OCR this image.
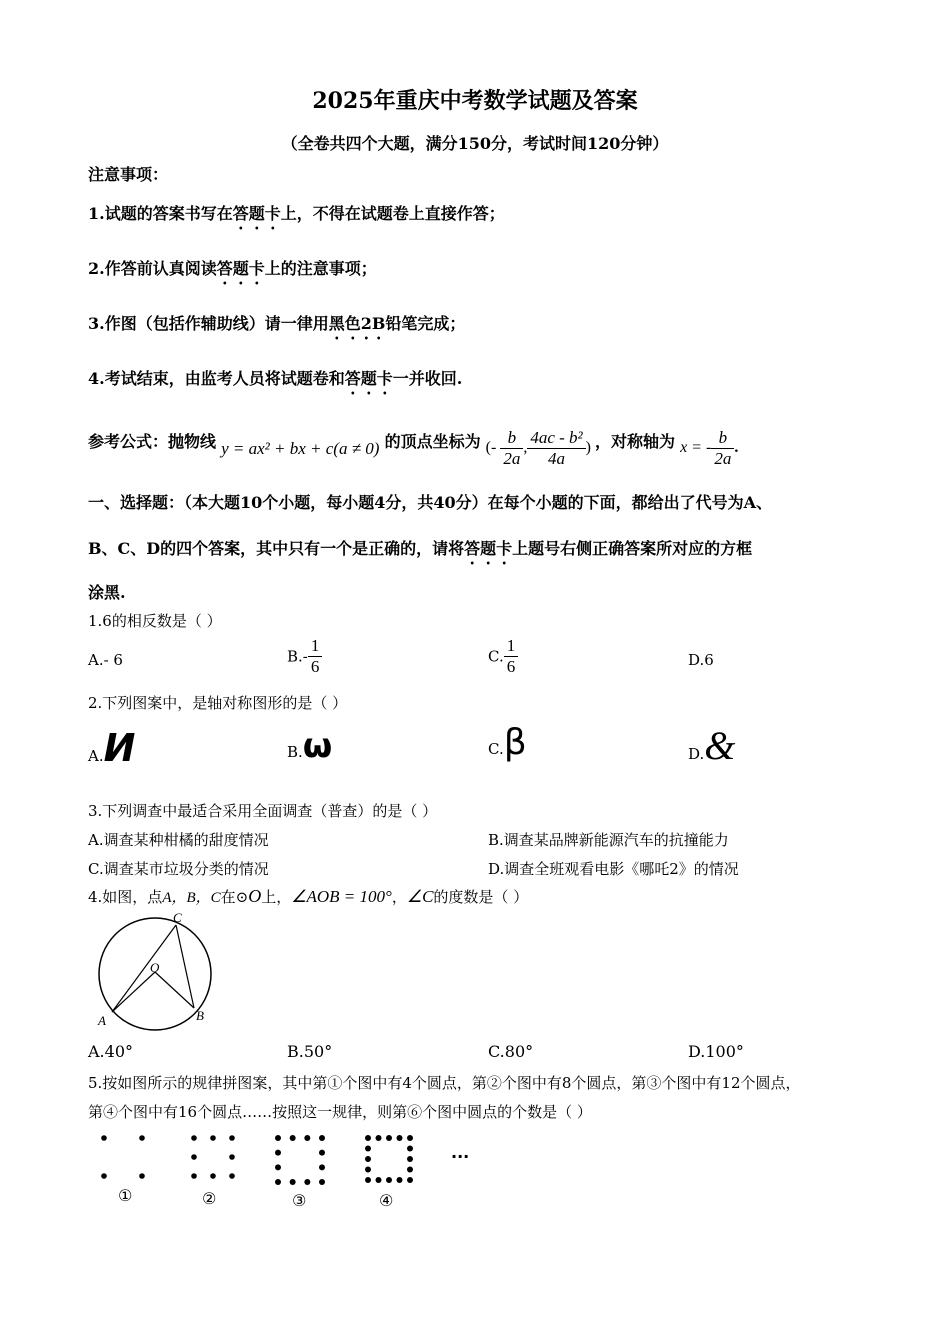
2025年重庆中考数学试题及答案
（全卷共四个大题，满分150分，考试时间120分钟）
注意事项：
1.试题的答案书写在答题卡上，不得在试题卷上直接作答；
2.作答前认真阅读答题卡上的注意事项；
3.作图（包括作辅助线）请一律用黑色2B铅笔完成；
4.考试结束，由监考人员将试题卷和答题卡一并收回.
参考公式：抛物线 y = ax² + bx + c(a ≠ 0) 的顶点坐标为 (- $\frac{b}{2a}$ , $\frac{\text{4ac - b²}}{4a}$ ) ，对称轴为 x = - $\frac{b}{2a}$ .
一、选择题：（本大题10个小题，每小题4分，共40分）在每个小题的下面，都给出了代号为A、
B、C、D的四个答案，其中只有一个是正确的，请将答题卡上题号右侧正确答案所对应的方框
涂黑.
1.6的相反数是（ ）
A.- 6	$B.- \frac{1}{6}$	C. $\frac{1}{6}$	D.6
2.下列图案中，是轴对称图形的是（ ）
A.И	B.ω	C.β	D.&
3.下列调查中最适合采用全面调查（普查）的是（ ）
A.调查某种柑橘的甜度情况	B.调查某品牌新能源汽车的抗撞能力
C.调查某市垃圾分类的情况	D.调查全班观看电影《哪吒2》的情况
4.如图，点A，B，C在⊙O上，∠AOB = 100°，∠C的度数是（ ）
A	B
C
O
A.40°	B.50°	C.80°	D.100°
5.按如图所示的规律拼图案，其中第①个图中有4个圆点，第②个图中有8个圆点，第③个图中有12个圆点，
第④个图中有16个圆点……按照这一规律，则第⑥个图中圆点的个数是（ ）
①	②	③	④
···
